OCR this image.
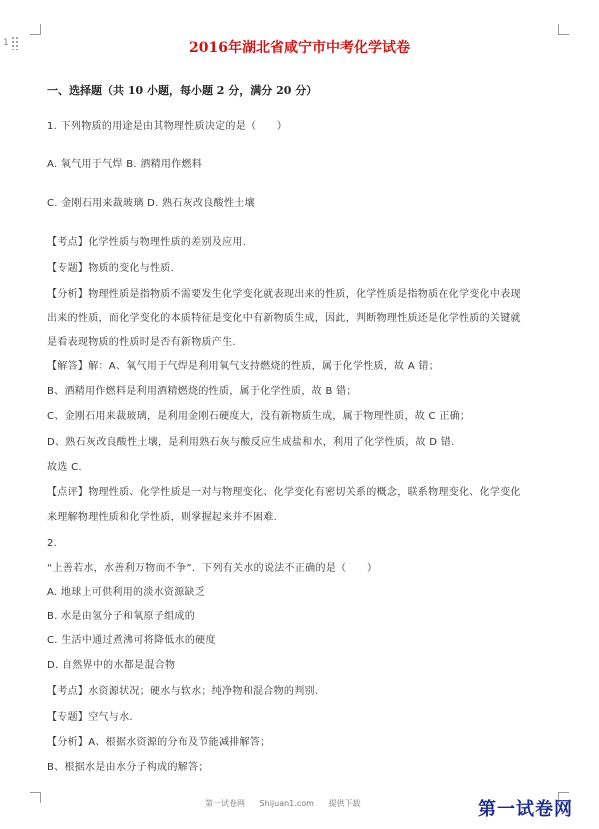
1	2016年湖北省咸宁市中考化学试卷
一、选择题（共 10 小题，每小题 2 分，满分 20 分）
1. 下列物质的用途是由其物理性质决定的是（　　）
A. 氧气用于气焊 B. 酒精用作燃料
C. 金刚石用来裁玻璃 D. 熟石灰改良酸性土壤
【考点】化学性质与物理性质的差别及应用.
【专题】物质的变化与性质.
【分析】物理性质是指物质不需要发生化学变化就表现出来的性质，化学性质是指物质在化学变化中表现
出来的性质，而化学变化的本质特征是变化中有新物质生成，因此，判断物理性质还是化学性质的关键就
是看表现物质的性质时是否有新物质产生.
【解答】解：A、氧气用于气焊是利用氧气支持燃烧的性质，属于化学性质，故 A 错；
B、酒精用作燃料是利用酒精燃烧的性质，属于化学性质，故 B 错；
C、金刚石用来裁玻璃，是利用金刚石硬度大，没有新物质生成，属于物理性质，故 C 正确；
D、熟石灰改良酸性土壤，是利用熟石灰与酸反应生成盐和水，利用了化学性质，故 D 错.
故选 C.
【点评】物理性质、化学性质是一对与物理变化、化学变化有密切关系的概念，联系物理变化、化学变化
来理解物理性质和化学性质，则掌握起来并不困难.
2.
“上善若水，水善利万物而不争”．下列有关水的说法不正确的是（　　）
A. 地球上可供利用的淡水资源缺乏
B. 水是由氢分子和氧原子组成的
C. 生活中通过煮沸可将降低水的硬度
D. 自然界中的水都是混合物
【考点】水资源状况；硬水与软水；纯净物和混合物的判别.
【专题】空气与水.
【分析】A、根据水资源的分布及节能减排解答；
B、根据水是由水分子构成的解答；
第一试卷网 Shijuan1.com 提供下载	第一试卷网
